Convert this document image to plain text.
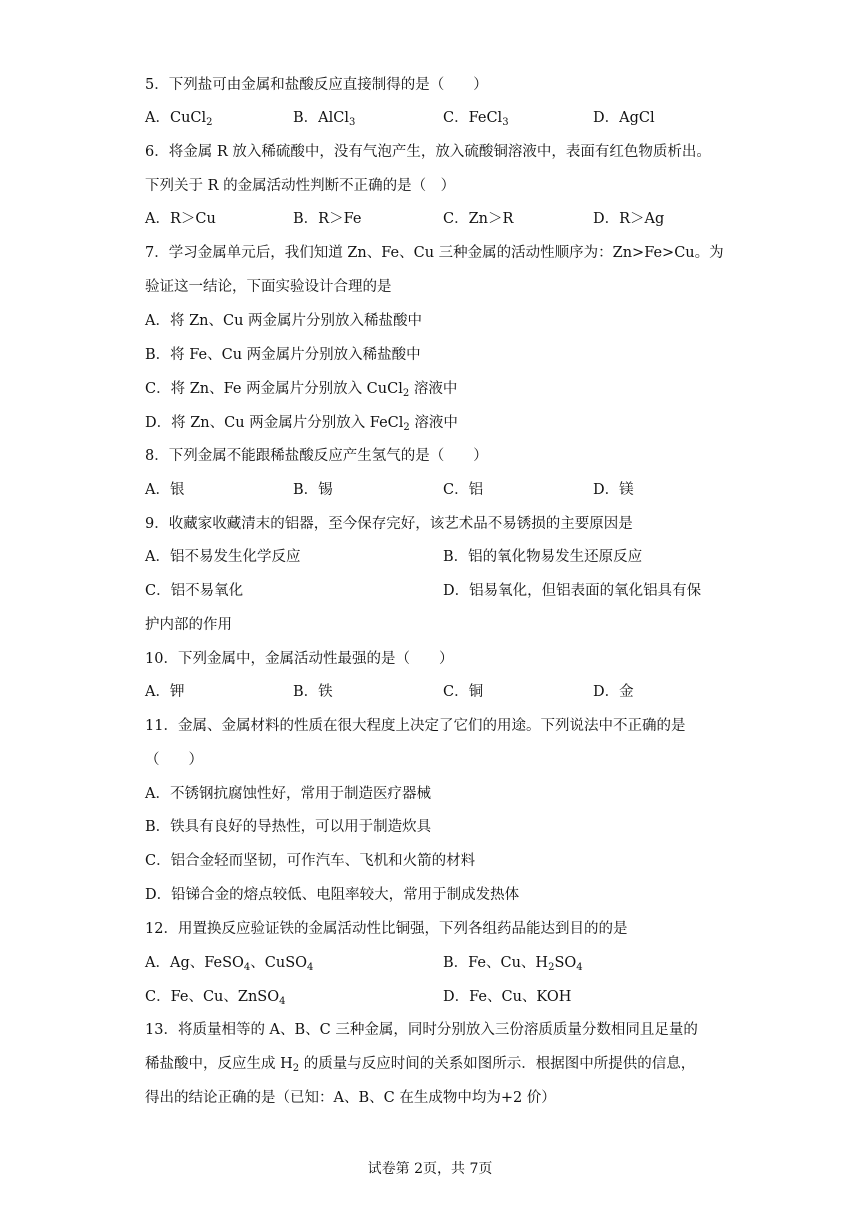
5．下列盐可由金属和盐酸反应直接制得的是（　　）
A．CuCl$_2$	B．AlCl$_3$	C．FeCl$_3$	D．AgCl
6．将金属 R 放入稀硫酸中，没有气泡产生，放入硫酸铜溶液中，表面有红色物质析出。
下列关于 R 的金属活动性判断不正确的是（　）
A．R＞Cu	B．R＞Fe	C．Zn＞R	D．R＞Ag
7．学习金属单元后，我们知道 Zn、Fe、Cu 三种金属的活动性顺序为：Zn>Fe>Cu。为
验证这一结论，下面实验设计合理的是
A．将 Zn、Cu 两金属片分别放入稀盐酸中
B．将 Fe、Cu 两金属片分别放入稀盐酸中
C．将 Zn、Fe 两金属片分别放入 CuCl$_2$ 溶液中
D．将 Zn、Cu 两金属片分别放入 FeCl$_2$ 溶液中
8．下列金属不能跟稀盐酸反应产生氢气的是（　　）
A．银	B．锡	C．铝	D．镁
9．收藏家收藏清末的铝器，至今保存完好，该艺术品不易锈损的主要原因是
A．铝不易发生化学反应	B．铝的氧化物易发生还原反应
C．铝不易氧化	D．铝易氧化，但铝表面的氧化铝具有保
护内部的作用
10．下列金属中，金属活动性最强的是（　　）
A．钾	B．铁	C．铜	D．金
11．金属、金属材料的性质在很大程度上决定了它们的用途。下列说法中不正确的是
（　　）
A．不锈钢抗腐蚀性好，常用于制造医疗器械
B．铁具有良好的导热性，可以用于制造炊具
C．铝合金轻而坚韧，可作汽车、飞机和火箭的材料
D．铅锑合金的熔点较低、电阻率较大，常用于制成发热体
12．用置换反应验证铁的金属活动性比铜强，下列各组药品能达到目的的是
A．Ag、FeSO$_4$、CuSO$_4$	B．Fe、Cu、$H_2SO_4$
C．Fe、Cu、ZnSO$_4$	D．Fe、Cu、KOH
13．将质量相等的 A、B、C 三种金属，同时分别放入三份溶质质量分数相同且足量的
稀盐酸中，反应生成 $H_2$ 的质量与反应时间的关系如图所示．根据图中所提供的信息，
得出的结论正确的是（已知：A、B、C 在生成物中均为+2 价）
试卷第 2页，共 7页
